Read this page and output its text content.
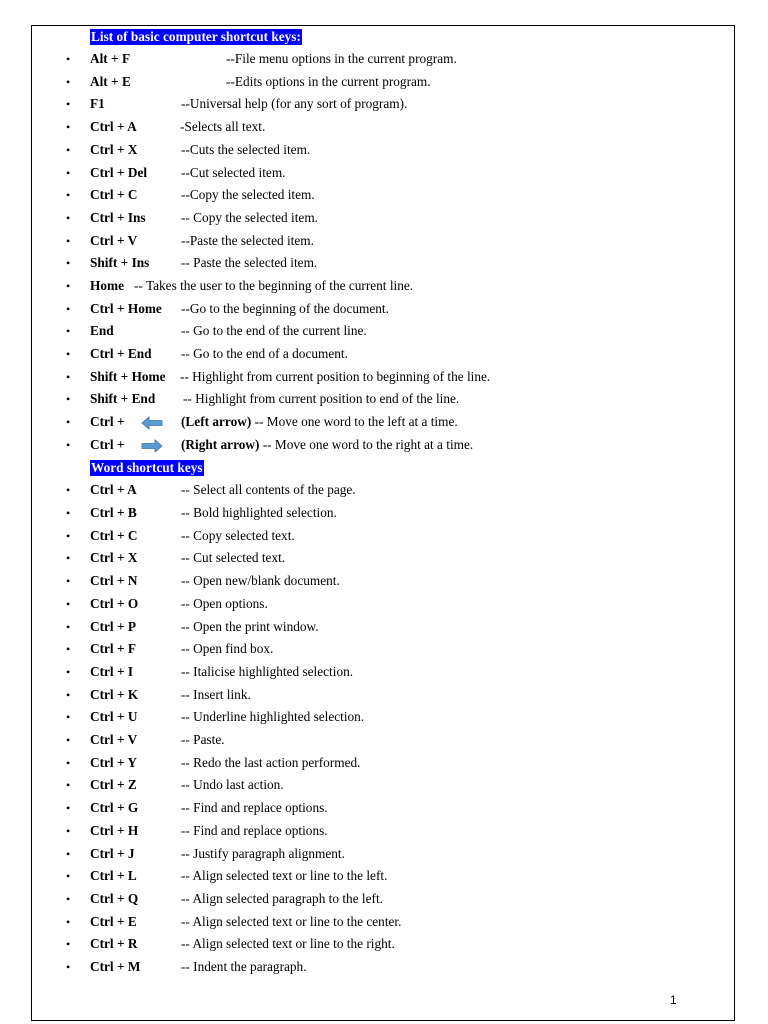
List of basic computer shortcut keys:
• Alt + F	--File menu options in the current program.
• Alt + E	--Edits options in the current program.
• F1	--Universal help (for any sort of program).
• Ctrl + A	-Selects all text.
• Ctrl + X	--Cuts the selected item.
• Ctrl + Del	--Cut selected item.
• Ctrl + C	--Copy the selected item.
• Ctrl + Ins	-- Copy the selected item.
• Ctrl + V	--Paste the selected item.
• Shift + Ins -- Paste the selected item.
• Home -- Takes the user to the beginning of the current line.
• Ctrl + Home --Go to the beginning of the document.
• End	-- Go to the end of the current line.
• Ctrl + End -- Go to the end of a document.
• Shift + Home -- Highlight from current position to beginning of the line.
• Shift + End -- Highlight from current position to end of the line.
• Ctrl +	(Left arrow) -- Move one word to the left at a time.
• Ctrl +	(Right arrow) -- Move one word to the right at a time.
Word shortcut keys
• Ctrl + A	-- Select all contents of the page.
• Ctrl + B	-- Bold highlighted selection.
• Ctrl + C	-- Copy selected text.
• Ctrl + X	-- Cut selected text.
• Ctrl + N	-- Open new/blank document.
• Ctrl + O	-- Open options.
• Ctrl + P	-- Open the print window.
• Ctrl + F	-- Open find box.
• Ctrl + I	-- Italicise highlighted selection.
• Ctrl + K	-- Insert link.
• Ctrl + U	-- Underline highlighted selection.
• Ctrl + V	-- Paste.
• Ctrl + Y	-- Redo the last action performed.
• Ctrl + Z	-- Undo last action.
• Ctrl + G	-- Find and replace options.
• Ctrl + H	-- Find and replace options.
• Ctrl + J	-- Justify paragraph alignment.
• Ctrl + L	-- Align selected text or line to the left.
• Ctrl + Q	-- Align selected paragraph to the left.
• Ctrl + E	-- Align selected text or line to the center.
• Ctrl + R	-- Align selected text or line to the right.
• Ctrl + M	-- Indent the paragraph.
1
